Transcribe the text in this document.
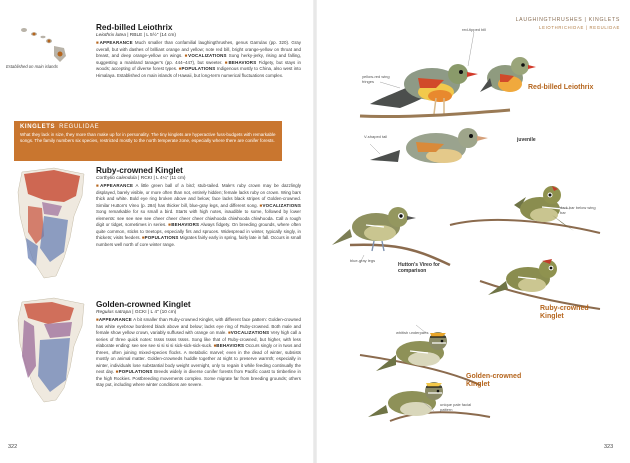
Established on main islands
Red-billed Leiothrix
Leiothrix lutea | RBLE | L 5½" (14 cm)
■APPEARANCE Much smaller than confamilial laughingthrushes, genus Garrulax (pp. 320). Gray overall, but with dashes of brilliant orange and yellow; note red bill, bright orange-yellow on throat and breast, and deep orange-yellow on wings. ■VOCALIZATIONS Song herky-jerky, rising and falling, suggesting a mainland tanager's (pp. 444–447), but sweeter. ■BEHAVIORS Fidgety, but stays in woods; accepting of diverse forest types. ■POPULATIONS Indigenous mostly to China, also west into Himalaya. Established on main islands of Hawaii, but long-term numerical fluctuations complex.
KINGLETS REGULIDAE
What they lack in size, they more than make up for in personality. The tiny kinglets are hyperactive fuss-budgets with remarkable songs. The family numbers six species, restricted mostly to the north temperate zone, especially where there are conifer forests.
Ruby-crowned Kinglet
Corthylio calendula | RCKI | L 4¼" (11 cm)
■APPEARANCE A little green ball of a bird; stub-tailed. Male's ruby crown may be dazzlingly displayed, barely visible, or more often than not, entirely hidden; female lacks ruby on crown. Wing bars thick and white. Bold eye ring broken above and below; face lacks black stripes of Golden-crowned. Similar Hutton's Vireo (p. 284) has thicker bill, blue-gray legs, and different song. ■VOCALIZATIONS Song remarkable for so small a bird. Starts with high notes, inaudible to some, followed by lower elements: see see see see cheer cheer cheer cheer chiwhooda chiwhooda chiwhooda. Call a rough digit or tidget, sometimes in series. ■BEHAVIORS Always fidgety. On breeding grounds, where often quite common, sticks to treetops, especially firs and spruces. Widespread in winter, typically singly, in thickets; visits feeders. ■POPULATIONS Migrates fairly early in spring, fairly late in fall. Occurs in small numbers well north of core winter range.
Golden-crowned Kinglet
Regulus satrapa | GCKI | L 4" (10 cm)
■APPEARANCE A bit smaller than Ruby-crowned Kinglet, with different face pattern: Golden-crowned has white eyebrow bordered black above and below; lacks eye ring of Ruby-crowned. Both male and female show yellow crown, variably suffused with orange on male. ■VOCALIZATIONS Very high call a series of three quick notes: tssss tssss tssss. Song like that of Ruby-crowned, but higher, with less elaborate ending: see see see si si si si sick-sick-sick-suck. ■BEHAVIORS Occurs singly or in twos and threes, often joining mixed-species flocks. A metabolic marvel; even in the dead of winter, subsists mostly on animal matter. Golden-crowneds huddle together at night to preserve warmth; especially in winter, individuals lose substantial body weight overnight, only to regain it while feeding continually the next day. ■POPULATIONS Breeds widely in diverse conifer forests from Pacific coast to timberline in the high Rockies. Postbreeding movements complex. Some migrate far from breeding grounds; others stay put, including where winter conditions are severe.
322
LAUGHINGTHRUSHES | KINGLETS
LEIOTHRICHIDAE | REGULIDAE
red-tipped bill
yellow-red wing fringes
V-shaped tail
Red-billed Leiothrix
juvenile
blue-gray legs
Hutton's Vireo for comparison
dark bar below wing bar
Ruby-crowned Kinglet
whitish underparts
Golden-crowned Kinglet
unique pale facial pattern
323
